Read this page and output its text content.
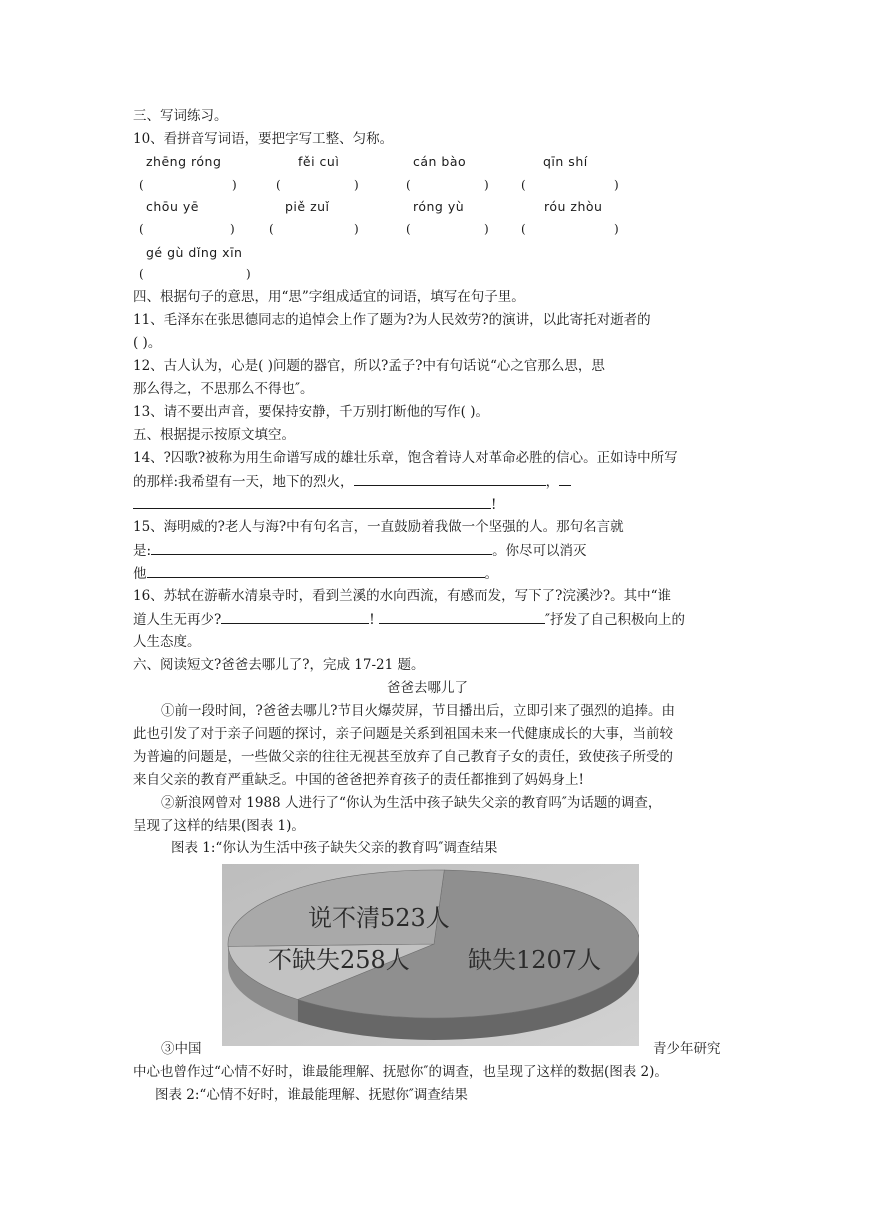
三、写词练习。
10、看拼音写词语，要把字写工整、匀称。
zhēng róng	fěi cuì	cán bào	qīn shí
(	)	(	)	(	)	(	)
chōu yē	piě zuǐ	róng yù	róu zhòu
(	)	(	)	(	)	(	)
gé gù dǐng xīn
(	)
四、根据句子的意思，用“思”字组成适宜的词语，填写在句子里。
11、毛泽东在张思德同志的追悼会上作了题为?为人民效劳?的演讲，以此寄托对逝者的
( )。
12、古人认为，心是( )问题的器官，所以?孟子?中有句话说“心之官那么思，思
那么得之，不思那么不得也″。
13、请不要出声音，要保持安静，千万别打断他的写作( )。
五、根据提示按原文填空。
14、?囚歌?被称为用生命谱写成的雄壮乐章，饱含着诗人对革命必胜的信心。正如诗中所写
的那样:我希望有一天，地下的烈火，	，
!
15、海明威的?老人与海?中有句名言，一直鼓励着我做一个坚强的人。那句名言就
是:	。你尽可以消灭
他	。
16、苏轼在游蕲水清泉寺时，看到兰溪的水向西流，有感而发，写下了?浣溪沙?。其中“谁
道人生无再少?	!	″抒发了自己积极向上的
人生态度。
六、阅读短文?爸爸去哪儿了?，完成 17-21 题。
爸爸去哪儿了
①前一段时间，?爸爸去哪儿?节目火爆荧屏，节目播出后，立即引来了强烈的追捧。由
此也引发了对于亲子问题的探讨，亲子问题是关系到祖国未来一代健康成长的大事，当前较
为普遍的问题是，一些做父亲的往往无视甚至放弃了自己教育子女的责任，致使孩子所受的
来自父亲的教育严重缺乏。中国的爸爸把养育孩子的责任都推到了妈妈身上!
②新浪网曾对 1988 人进行了“你认为生活中孩子缺失父亲的教育吗″为话题的调查，
呈现了这样的结果(图表 1)。
图表 1:“你认为生活中孩子缺失父亲的教育吗″调查结果
说不清523人
不缺失258人 缺失1207人
③中国	青少年研究
中心也曾作过“心情不好时，谁最能理解、抚慰你″的调查，也呈现了这样的数据(图表 2)。
图表 2:“心情不好时，谁最能理解、抚慰你″调查结果
